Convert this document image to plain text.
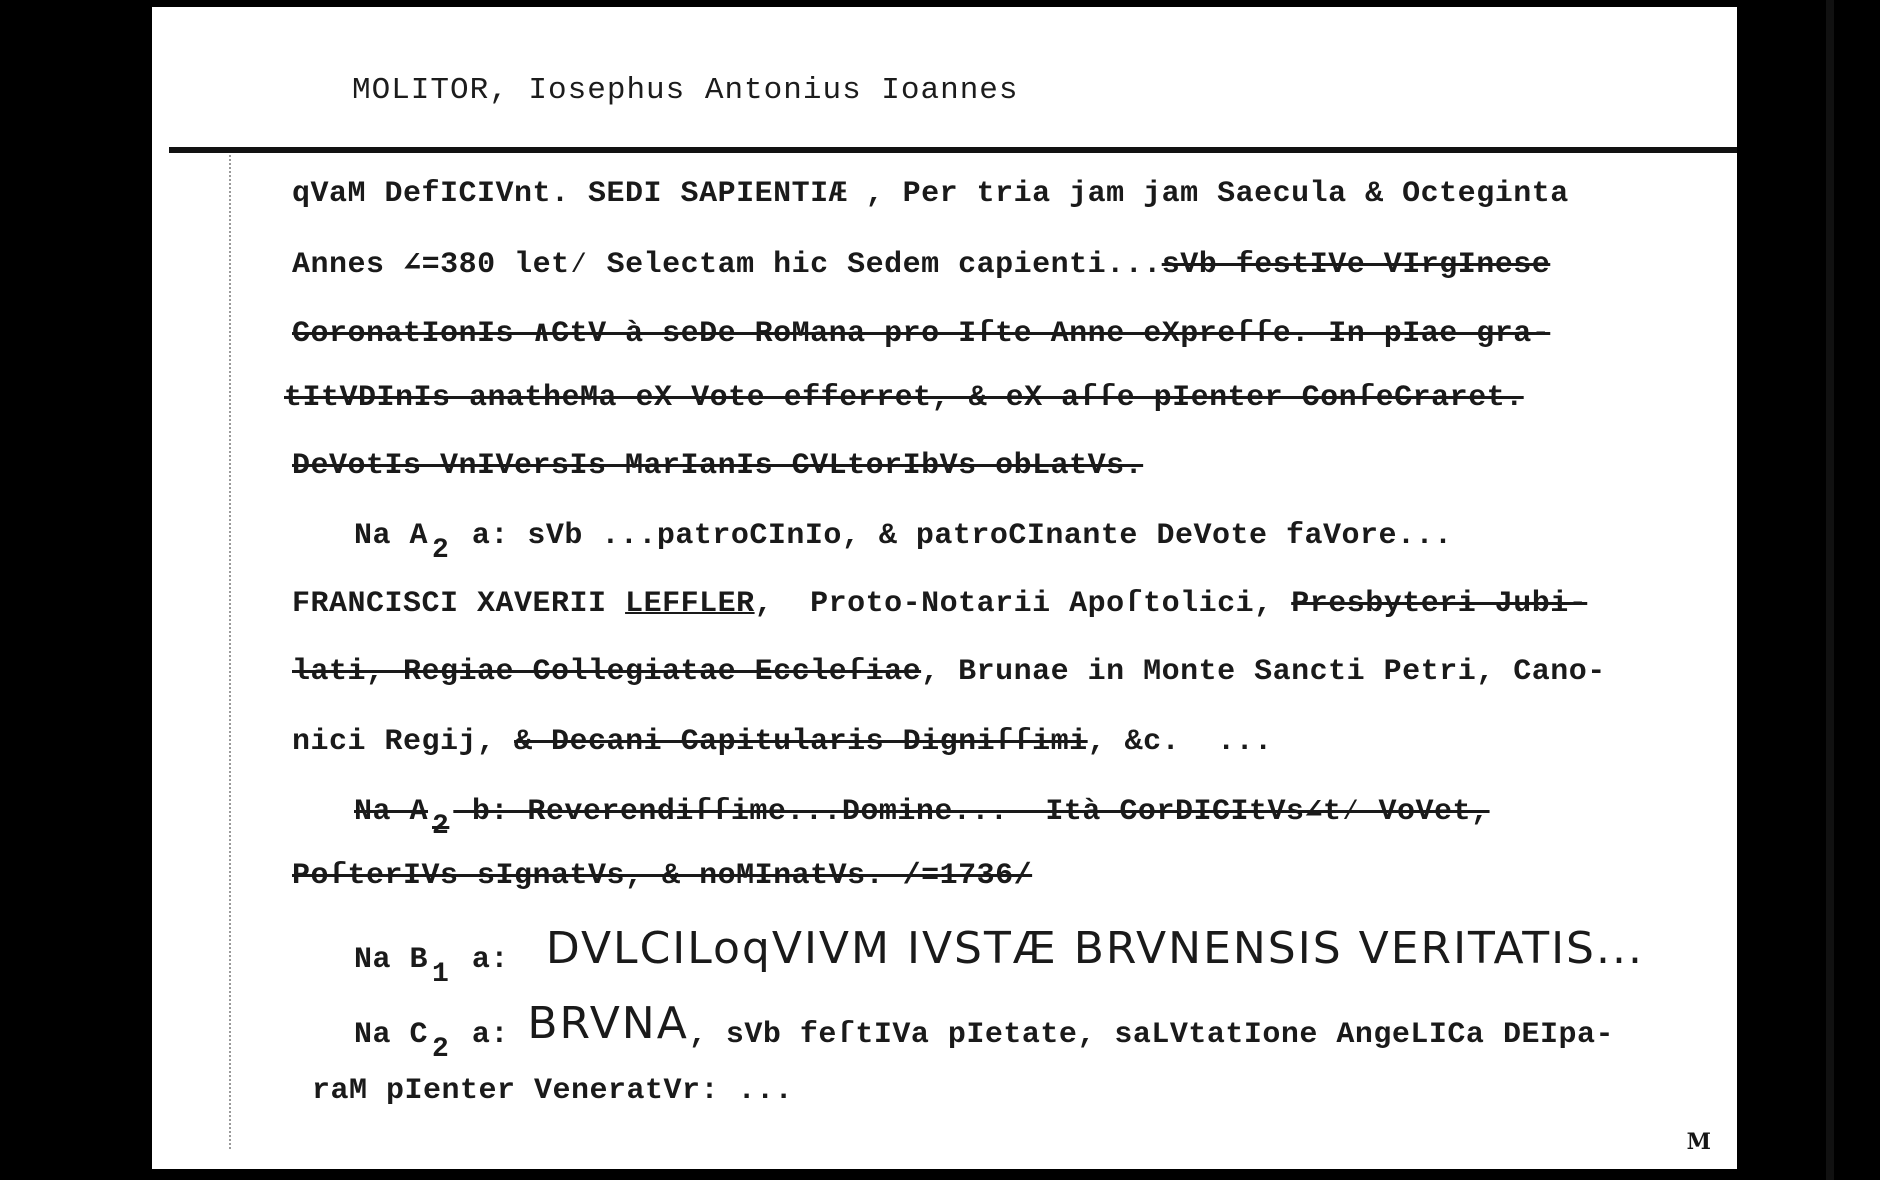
MOLITOR, Iosephus Antonius Ioannes
qVaM DefICIVnt. SEDI SAPIENTIÆ , Per tria jam jam Saecula & Octeginta
Annes ∠=380 let⁄ Selectam hic Sedem capienti...sVb festIVe VIrgInese
CoronatIonIs ∧CtV à seDe RoMana pro Iſte Anne eXpreſſe. In pIae gra-
tItVDInIs anatheMa eX Vote efferret, & eX aſſe pIenter ConſeCraret.
DeVotIs VnIVersIs MarIanIs CVLtorIbVs obLatVs.
Na A 2 a: sVb ...patroCInIo, & patroCInante DeVote faVore...
FRANCISCI XAVERII LEFFLER,  Proto-Notarii Apoſtolici, Presbyteri Jubi-
lati, Regiae Collegiatae Eccleſiae, Brunae in Monte Sancti Petri, Cano-
nici Regij, & Decani Capitularis Digniſſimi, &c.  ...
Na A 2 b: Reverendiſſime...Domine...  Ità CorDICItVs∠t⁄ VoVet,
PoſterIVs sIgnatVs, & noMInatVs. /=1736/
Na B 1 a:  DVLCILoqVIVM IVSTÆ BRVNENSIS VERITATIS...
Na C 2 a: BRVNA, sVb feſtIVa pIetate, saLVtatIone AngeLICa DEIpa-
raM pIenter VeneratVr: ...
M
